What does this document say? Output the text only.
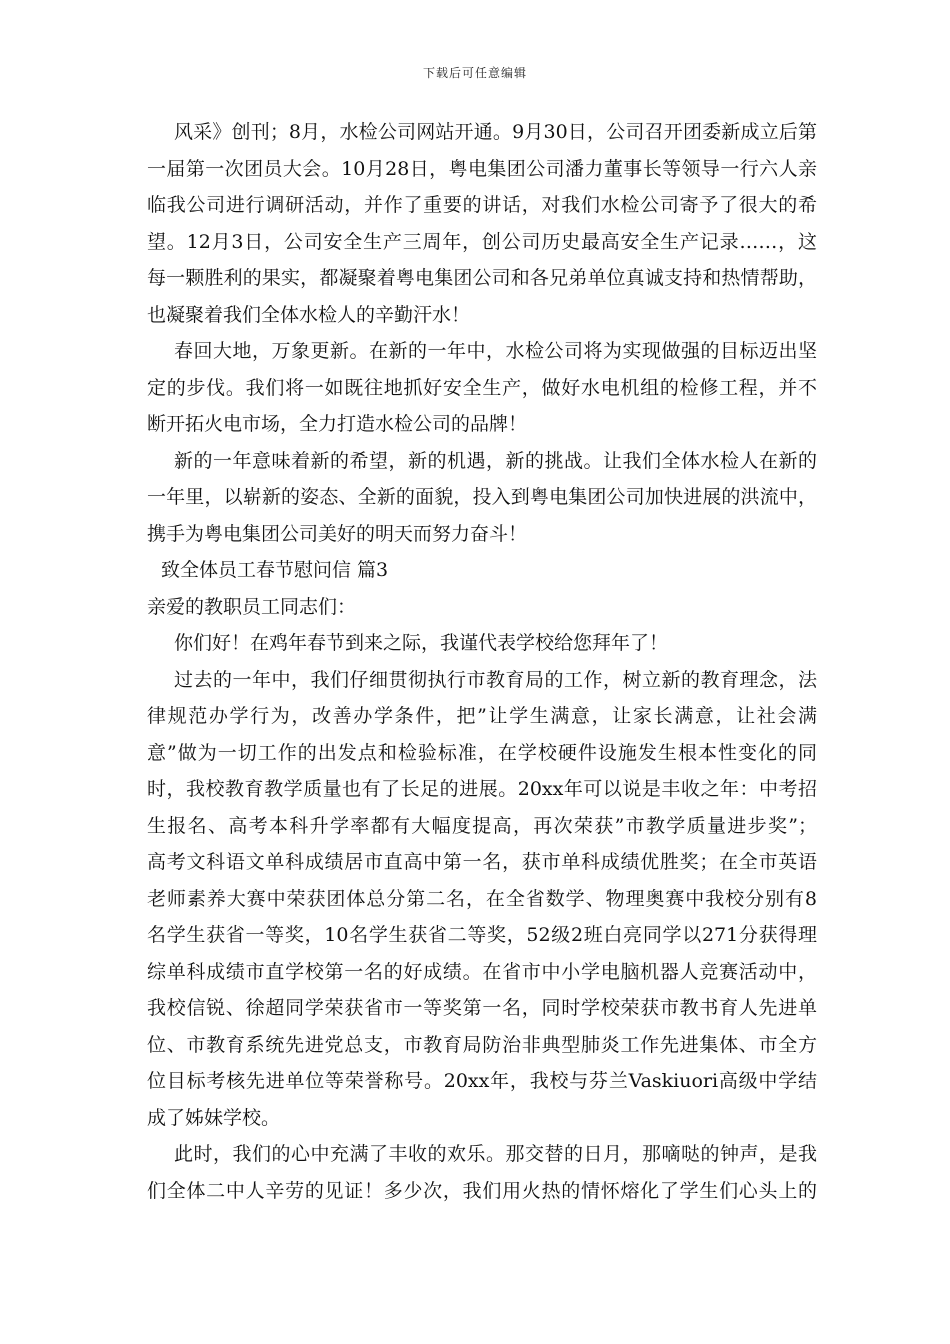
下载后可任意编辑
风采》创刊；8月，水检公司网站开通。9月30日，公司召开团委新成立后第
一届第一次团员大会。10月28日，粤电集团公司潘力董事长等领导一行六人亲
临我公司进行调研活动，并作了重要的讲话，对我们水检公司寄予了很大的希
望。12月3日，公司安全生产三周年，创公司历史最高安全生产记录……，这
每一颗胜利的果实，都凝聚着粤电集团公司和各兄弟单位真诚支持和热情帮助，
也凝聚着我们全体水检人的辛勤汗水！
春回大地，万象更新。在新的一年中，水检公司将为实现做强的目标迈出坚
定的步伐。我们将一如既往地抓好安全生产，做好水电机组的检修工程，并不
断开拓火电市场，全力打造水检公司的品牌！
新的一年意味着新的希望，新的机遇，新的挑战。让我们全体水检人在新的
一年里，以崭新的姿态、全新的面貌，投入到粤电集团公司加快进展的洪流中，
携手为粤电集团公司美好的明天而努力奋斗！
致全体员工春节慰问信 篇3
亲爱的教职员工同志们：
你们好！在鸡年春节到来之际，我谨代表学校给您拜年了！
过去的一年中，我们仔细贯彻执行市教育局的工作，树立新的教育理念，法
律规范办学行为，改善办学条件，把”让学生满意，让家长满意，让社会满
意”做为一切工作的出发点和检验标准，在学校硬件设施发生根本性变化的同
时，我校教育教学质量也有了长足的进展。20xx年可以说是丰收之年：中考招
生报名、高考本科升学率都有大幅度提高，再次荣获”市教学质量进步奖”；
高考文科语文单科成绩居市直高中第一名，获市单科成绩优胜奖；在全市英语
老师素养大赛中荣获团体总分第二名，在全省数学、物理奥赛中我校分别有8
名学生获省一等奖，10名学生获省二等奖，52级2班白亮同学以271分获得理
综单科成绩市直学校第一名的好成绩。在省市中小学电脑机器人竞赛活动中，
我校信锐、徐超同学荣获省市一等奖第一名，同时学校荣获市教书育人先进单
位、市教育系统先进党总支，市教育局防治非典型肺炎工作先进集体、市全方
位目标考核先进单位等荣誉称号。20xx年，我校与芬兰Vaskiuori高级中学结
成了姊妹学校。
此时，我们的心中充满了丰收的欢乐。那交替的日月，那嘀哒的钟声，是我
们全体二中人辛劳的见证！多少次，我们用火热的情怀熔化了学生们心头上的
